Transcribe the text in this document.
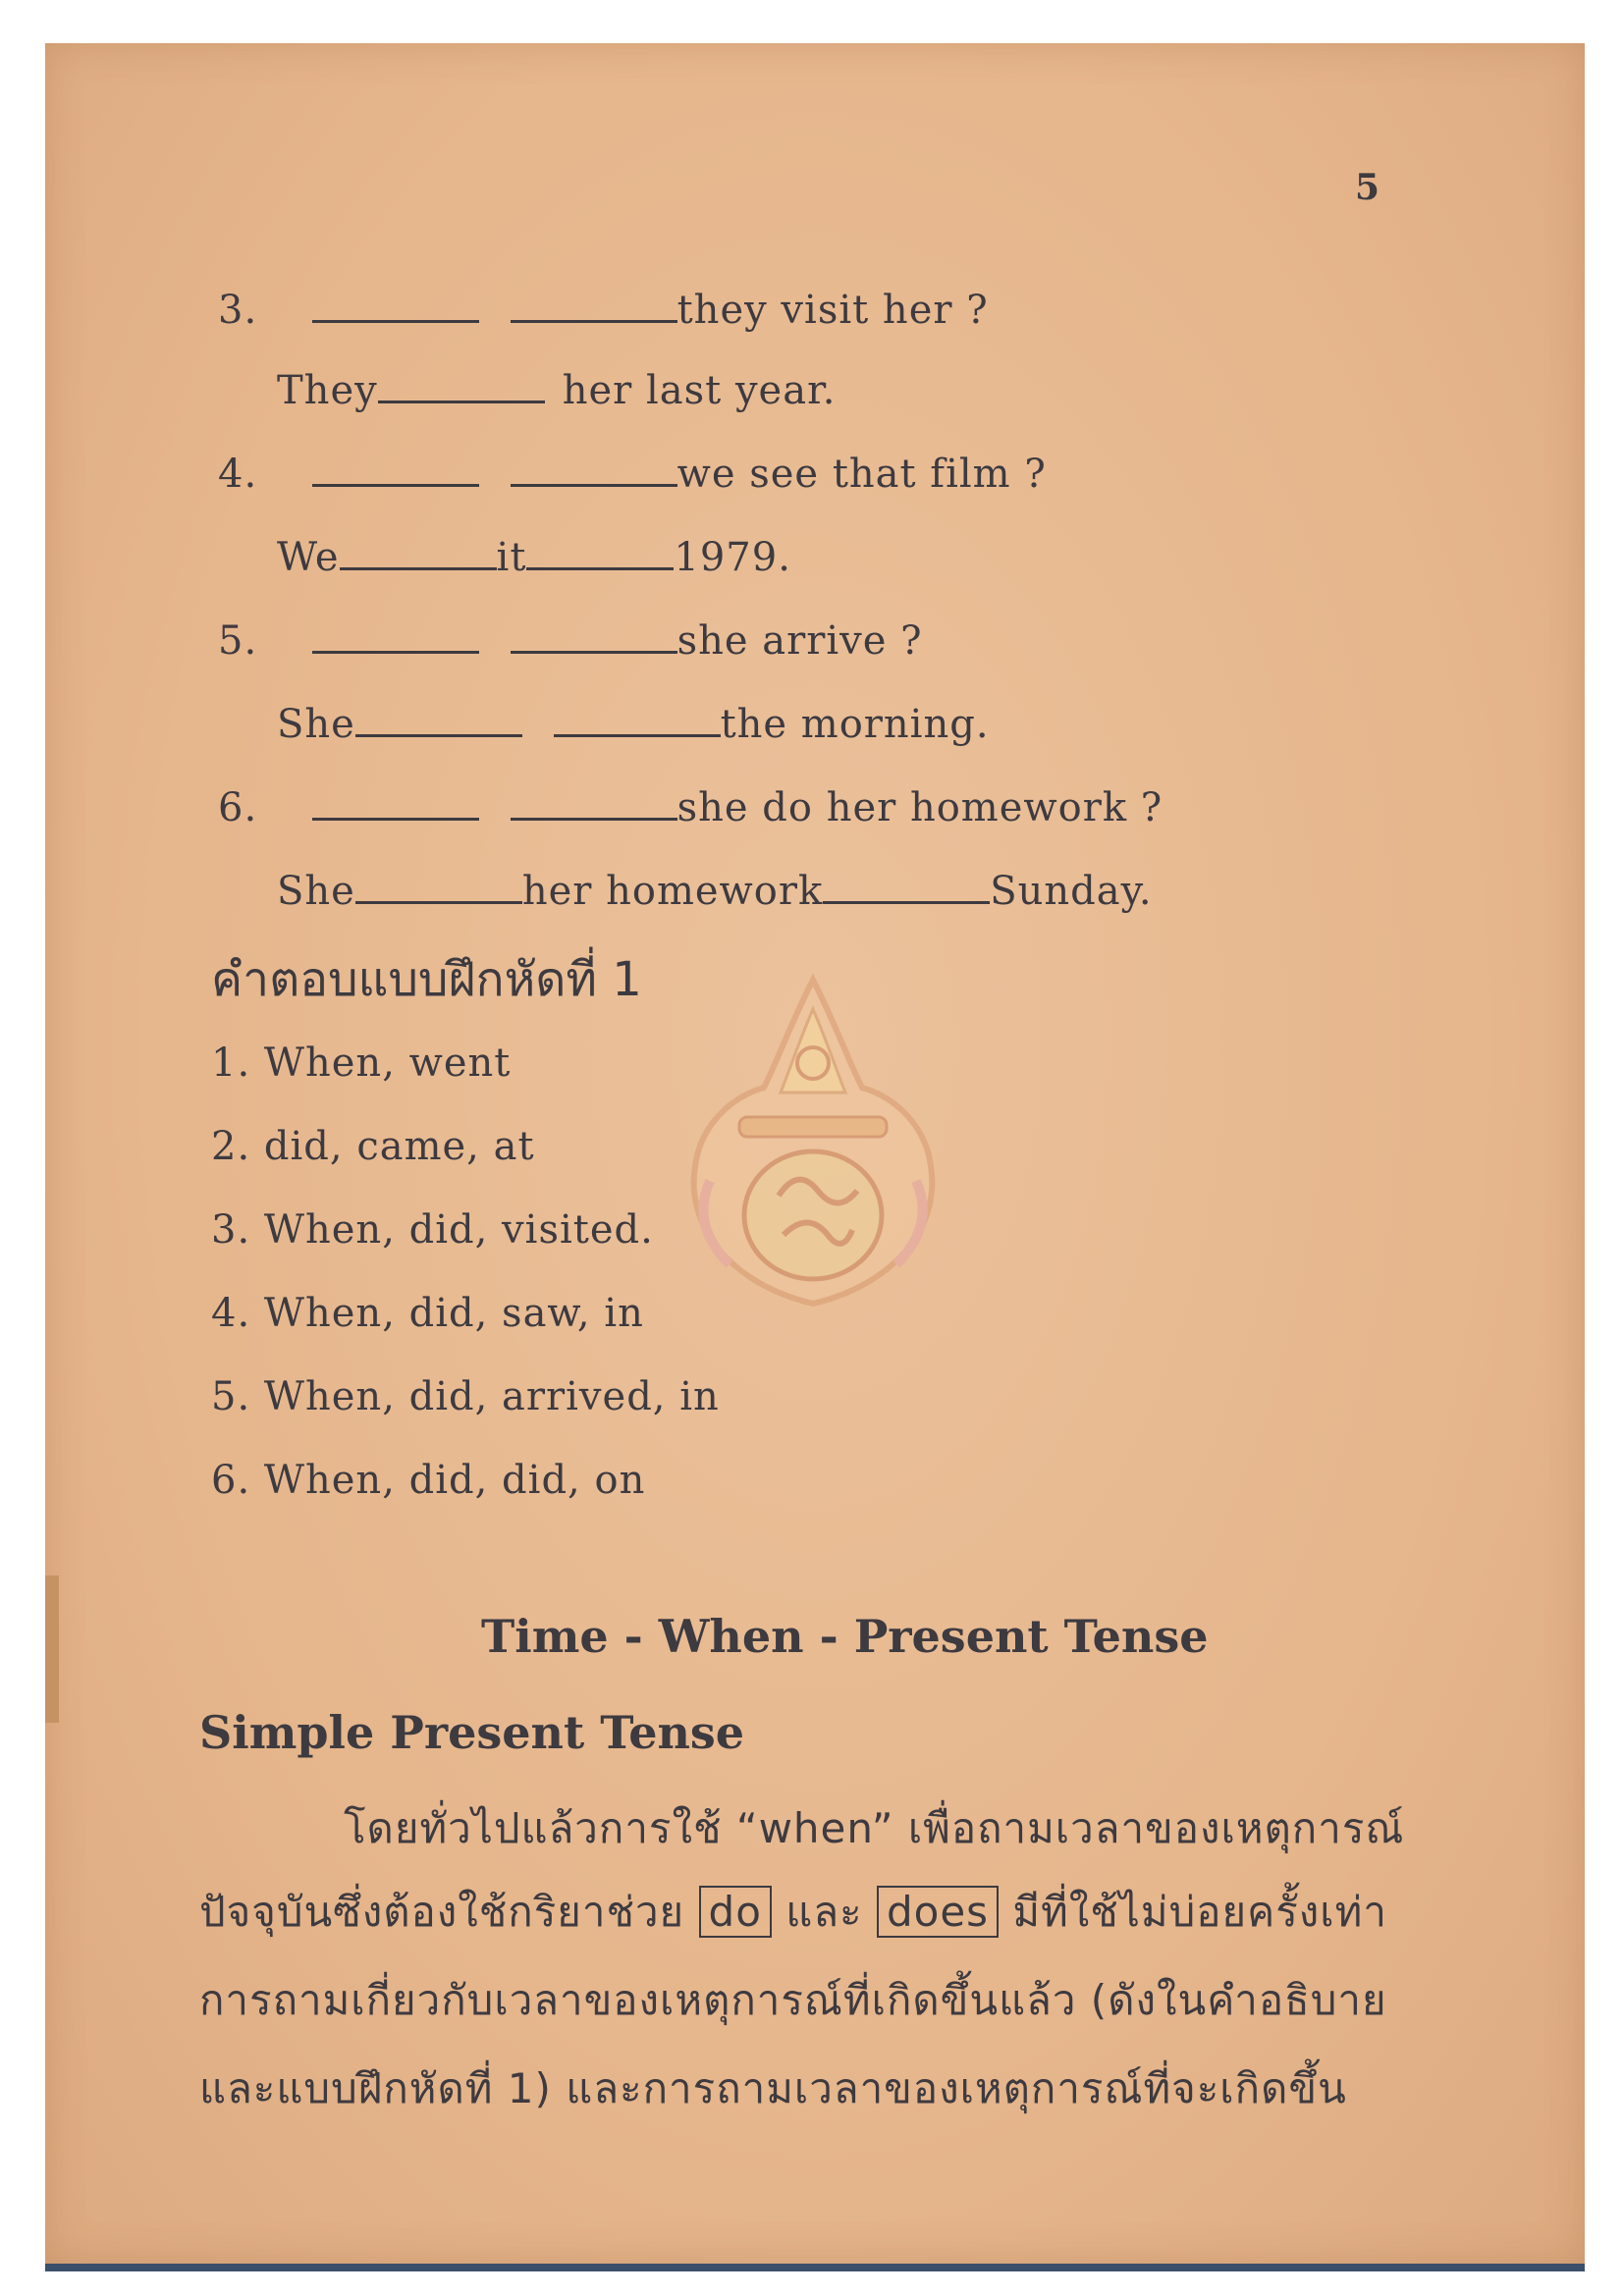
5
3.	they visit her ?
They	her last year.
4.	we see that film ?
We	it	1979.
5.	she arrive ?
She	the morning.
6.	she do her homework ?
She	her homework	Sunday.
คำตอบแบบฝึกหัดที่ 1
1. When, went
2. did, came, at
3. When, did, visited.
4. When, did, saw, in
5. When, did, arrived, in
6. When, did, did, on
Time - When - Present Tense
Simple Present Tense
โดยทั่วไปแล้วการใช้ “when” เพื่อถามเวลาของเหตุการณ์
ปัจจุบันซึ่งต้องใช้กริยาช่วย do และ does มีที่ใช้ไม่บ่อยครั้งเท่า
การถามเกี่ยวกับเวลาของเหตุการณ์ที่เกิดขึ้นแล้ว (ดังในคำอธิบาย
และแบบฝึกหัดที่ 1) และการถามเวลาของเหตุการณ์ที่จะเกิดขึ้น
